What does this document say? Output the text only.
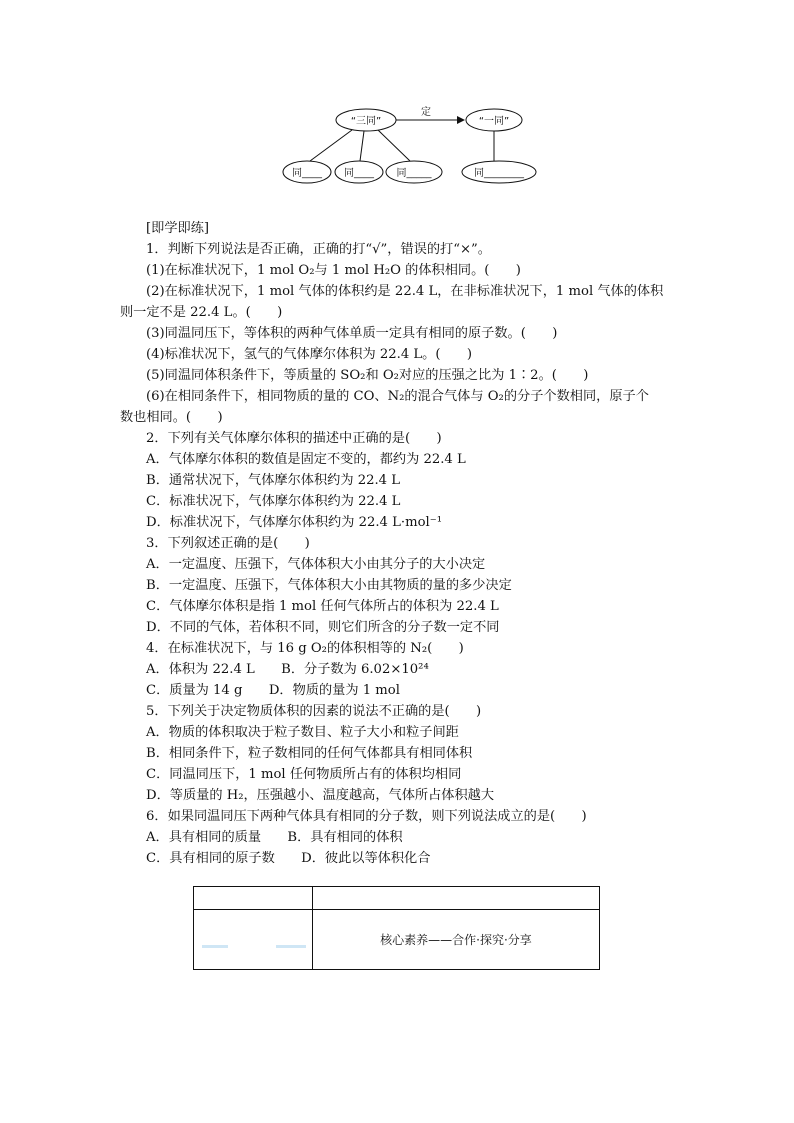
“三同”	“一同”
定
同____ 同____ 同_____	同________
[即学即练]
1．判断下列说法是否正确，正确的打“√”，错误的打“×”。
(1)在标准状况下，1 mol O₂与 1 mol H₂O 的体积相同。(　　)
(2)在标准状况下，1 mol 气体的体积约是 22.4 L，在非标准状况下，1 mol 气体的体积
则一定不是 22.4 L。(　　)
(3)同温同压下，等体积的两种气体单质一定具有相同的原子数。(　　)
(4)标准状况下，氢气的气体摩尔体积为 22.4 L。(　　)
(5)同温同体积条件下，等质量的 SO₂和 O₂对应的压强之比为 1∶2。(　　)
(6)在相同条件下，相同物质的量的 CO、N₂的混合气体与 O₂的分子个数相同，原子个
数也相同。(　　)
2．下列有关气体摩尔体积的描述中正确的是(　　)
A．气体摩尔体积的数值是固定不变的，都约为 22.4 L
B．通常状况下，气体摩尔体积约为 22.4 L
C．标准状况下，气体摩尔体积约为 22.4 L
D．标准状况下，气体摩尔体积约为 22.4 L·mol⁻¹
3．下列叙述正确的是(　　)
A．一定温度、压强下，气体体积大小由其分子的大小决定
B．一定温度、压强下，气体体积大小由其物质的量的多少决定
C．气体摩尔体积是指 1 mol 任何气体所占的体积为 22.4 L
D．不同的气体，若体积不同，则它们所含的分子数一定不同
4．在标准状况下，与 16 g O₂的体积相等的 N₂(　　)
A．体积为 22.4 L　　B．分子数为 6.02×10²⁴
C．质量为 14 g　　D．物质的量为 1 mol
5．下列关于决定物质体积的因素的说法不正确的是(　　)
A．物质的体积取决于粒子数目、粒子大小和粒子间距
B．相同条件下，粒子数相同的任何气体都具有相同体积
C．同温同压下，1 mol 任何物质所占有的体积均相同
D．等质量的 H₂，压强越小、温度越高，气体所占体积越大
6．如果同温同压下两种气体具有相同的分子数，则下列说法成立的是(　　)
A．具有相同的质量　　B．具有相同的体积
C．具有相同的原子数　　D．彼此以等体积化合
核心素养——合作·探究·分享
